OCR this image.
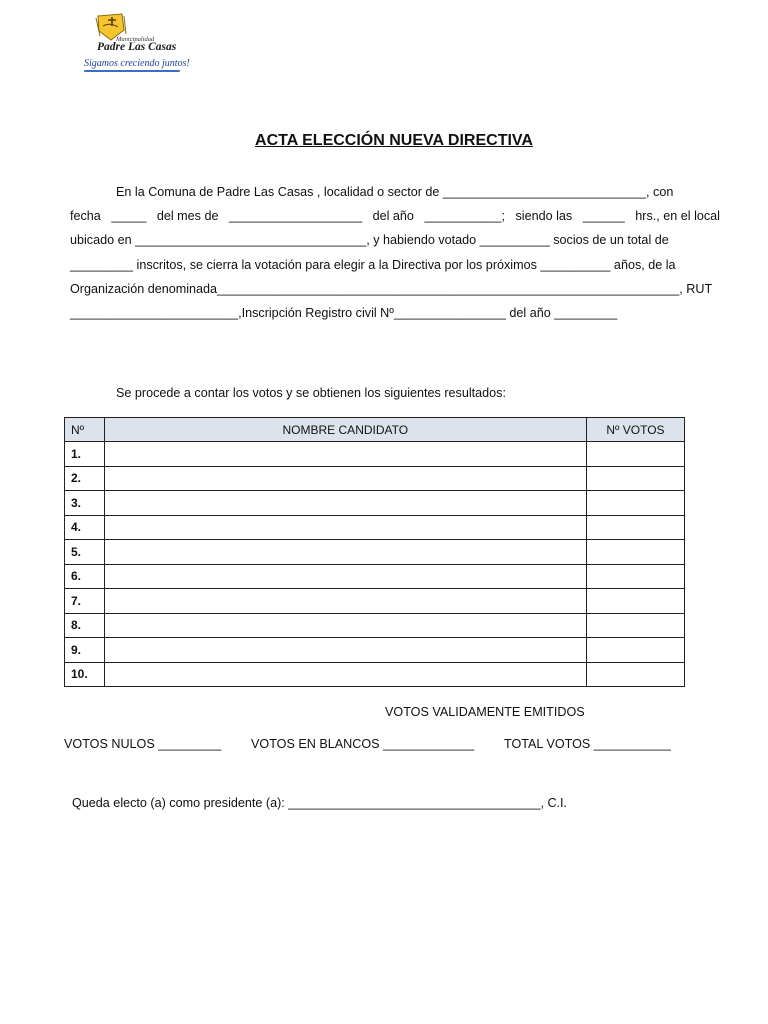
Municipalidad
Padre Las Casas
Sigamos creciendo juntos!
ACTA ELECCIÓN NUEVA DIRECTIVA
En la Comuna de Padre Las Casas , localidad o sector de _____________________________, con
fecha _____ del mes de ___________________ del año ___________; siendo las ______ hrs., en el local
ubicado en _________________________________, y habiendo votado __________ socios de un total de
_________ inscritos, se cierra la votación para elegir a la Directiva por los próximos __________ años, de la
Organización denominada__________________________________________________________________, RUT
________________________,Inscripción Registro civil Nº________________ del año _________
Se procede a contar los votos y se obtienen los siguientes resultados:
Nº	NOMBRE CANDIDATO	Nº VOTOS
1.		
2.		
3.		
4.		
5.		
6.		
7.		
8.		
9.		
10.		
VOTOS VALIDAMENTE EMITIDOS
VOTOS NULOS _________ VOTOS EN BLANCOS _____________ TOTAL VOTOS ___________
Queda electo (a) como presidente (a): ____________________________________, C.I.
